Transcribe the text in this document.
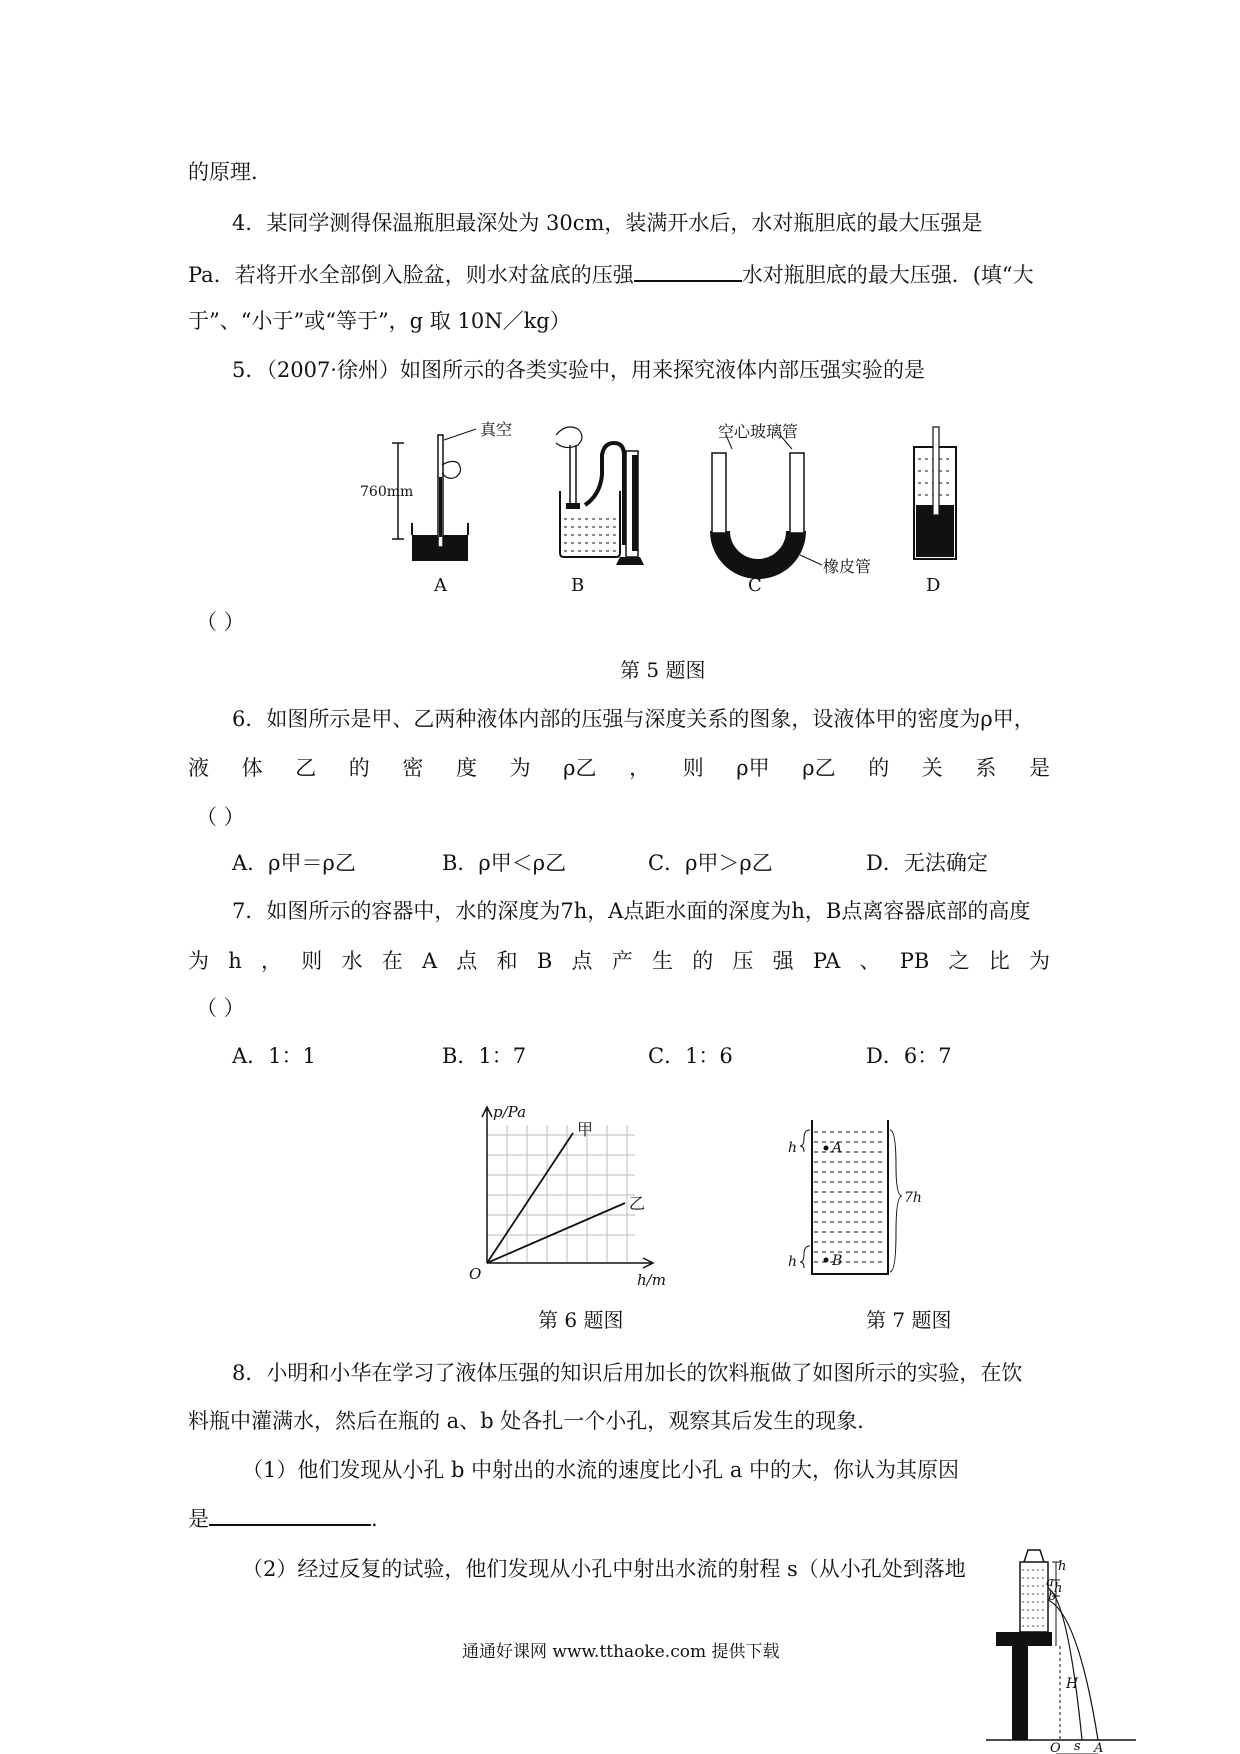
的原理.
4．某同学测得保温瓶胆最深处为 30cm，装满开水后，水对瓶胆底的最大压强是
Pa．若将开水全部倒入脸盆，则水对盆底的压强	水对瓶胆底的最大压强．(填“大
于”、“小于”或“等于”，g 取 10N／kg）
5．（2007·徐州）如图所示的各类实验中，用来探究液体内部压强实验的是
真空
760mm
A	B
空心玻璃管
橡皮管
C	D
（ ）
第 5 题图
6．如图所示是甲、乙两种液体内部的压强与深度关系的图象，设液体甲的密度为ρ甲，
液 体 乙 的 密 度 为 ρ乙 ， 则 ρ甲 ρ乙 的 关 系 是
（ ）
A．ρ甲＝ρ乙	B．ρ甲＜ρ乙	C．ρ甲＞ρ乙	D．无法确定
7．如图所示的容器中，水的深度为7h，A点距水面的深度为h，B点离容器底部的高度
为 h ， 则 水 在 A 点 和 B 点 产 生 的 压 强 PA 、 PB 之 比 为
（ ）
A．1：1	B．1：7	C．1：6	D．6：7
p/Pa
h/m
O
甲
乙
h
h
7h
A
B
第 6 题图	第 7 题图
8．小明和小华在学习了液体压强的知识后用加长的饮料瓶做了如图所示的实验，在饮
料瓶中灌满水，然后在瓶的 a、b 处各扎一个小孔，观察其后发生的现象．
（1）他们发现从小孔 b 中射出的水流的速度比小孔 a 中的大，你认为其原因
是	.
（2）经过反复的试验，他们发现从小孔中射出水流的射程 s（从小孔处到落地	h
a
b
h
H
O	A
s
通通好课网 www.tthaoke.com 提供下载
